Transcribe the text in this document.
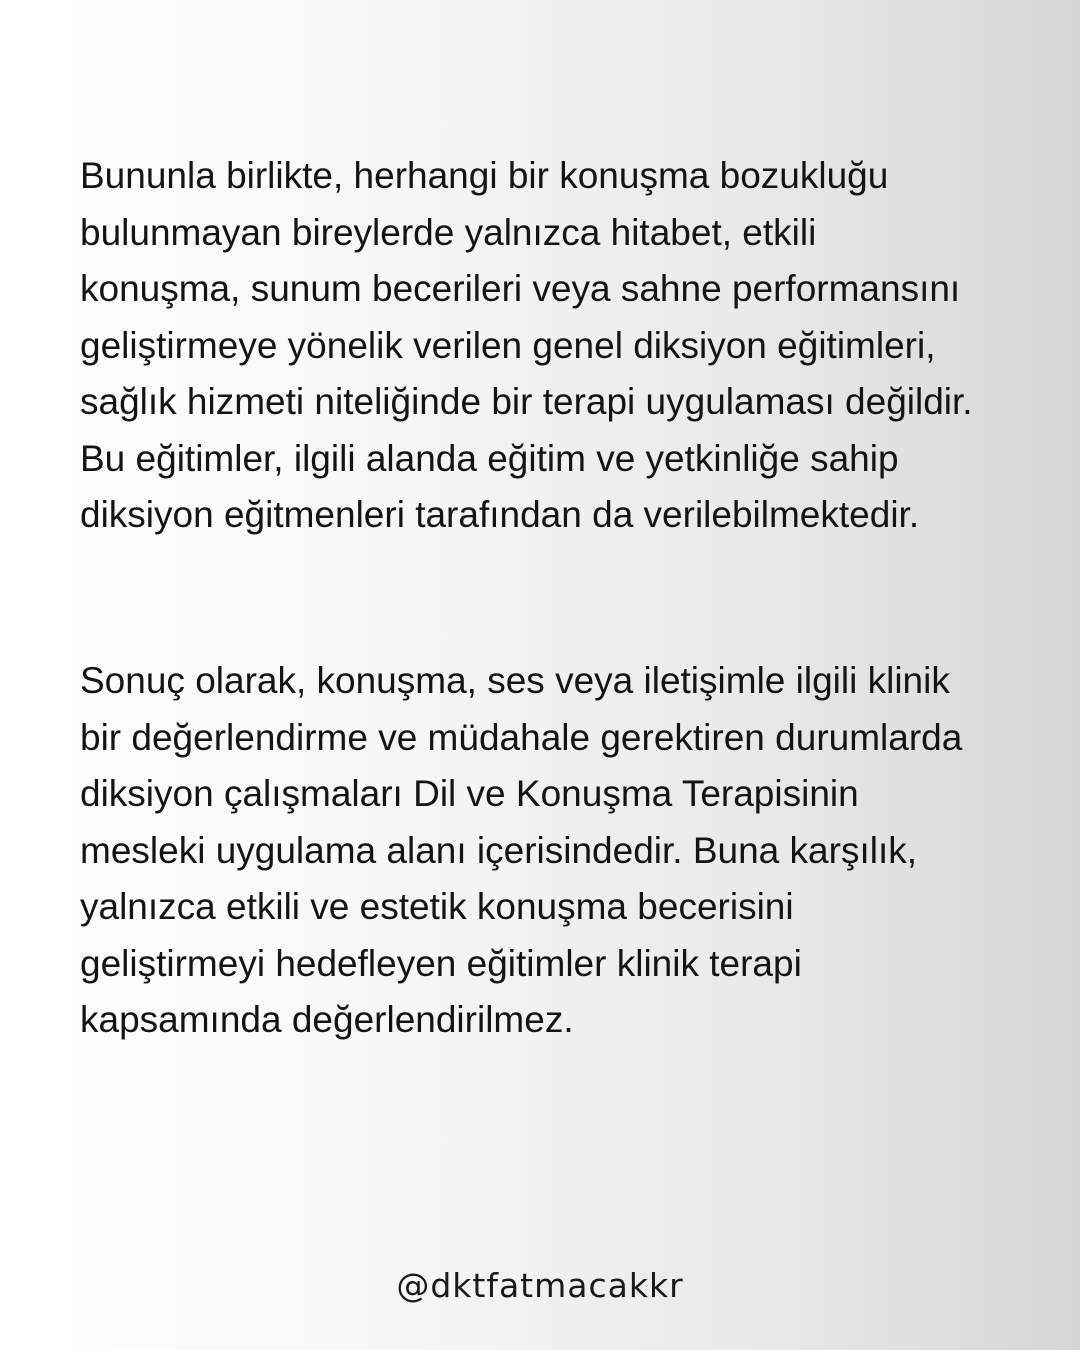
Bununla birlikte, herhangi bir konuşma bozukluğu
bulunmayan bireylerde yalnızca hitabet, etkili
konuşma, sunum becerileri veya sahne performansını
geliştirmeye yönelik verilen genel diksiyon eğitimleri,
sağlık hizmeti niteliğinde bir terapi uygulaması değildir.
Bu eğitimler, ilgili alanda eğitim ve yetkinliğe sahip
diksiyon eğitmenleri tarafından da verilebilmektedir.

Sonuç olarak, konuşma, ses veya iletişimle ilgili klinik
bir değerlendirme ve müdahale gerektiren durumlarda
diksiyon çalışmaları Dil ve Konuşma Terapisinin
mesleki uygulama alanı içerisindedir. Buna karşılık,
yalnızca etkili ve estetik konuşma becerisini
geliştirmeyi hedefleyen eğitimler klinik terapi
kapsamında değerlendirilmez.

@dktfatmacakkr
